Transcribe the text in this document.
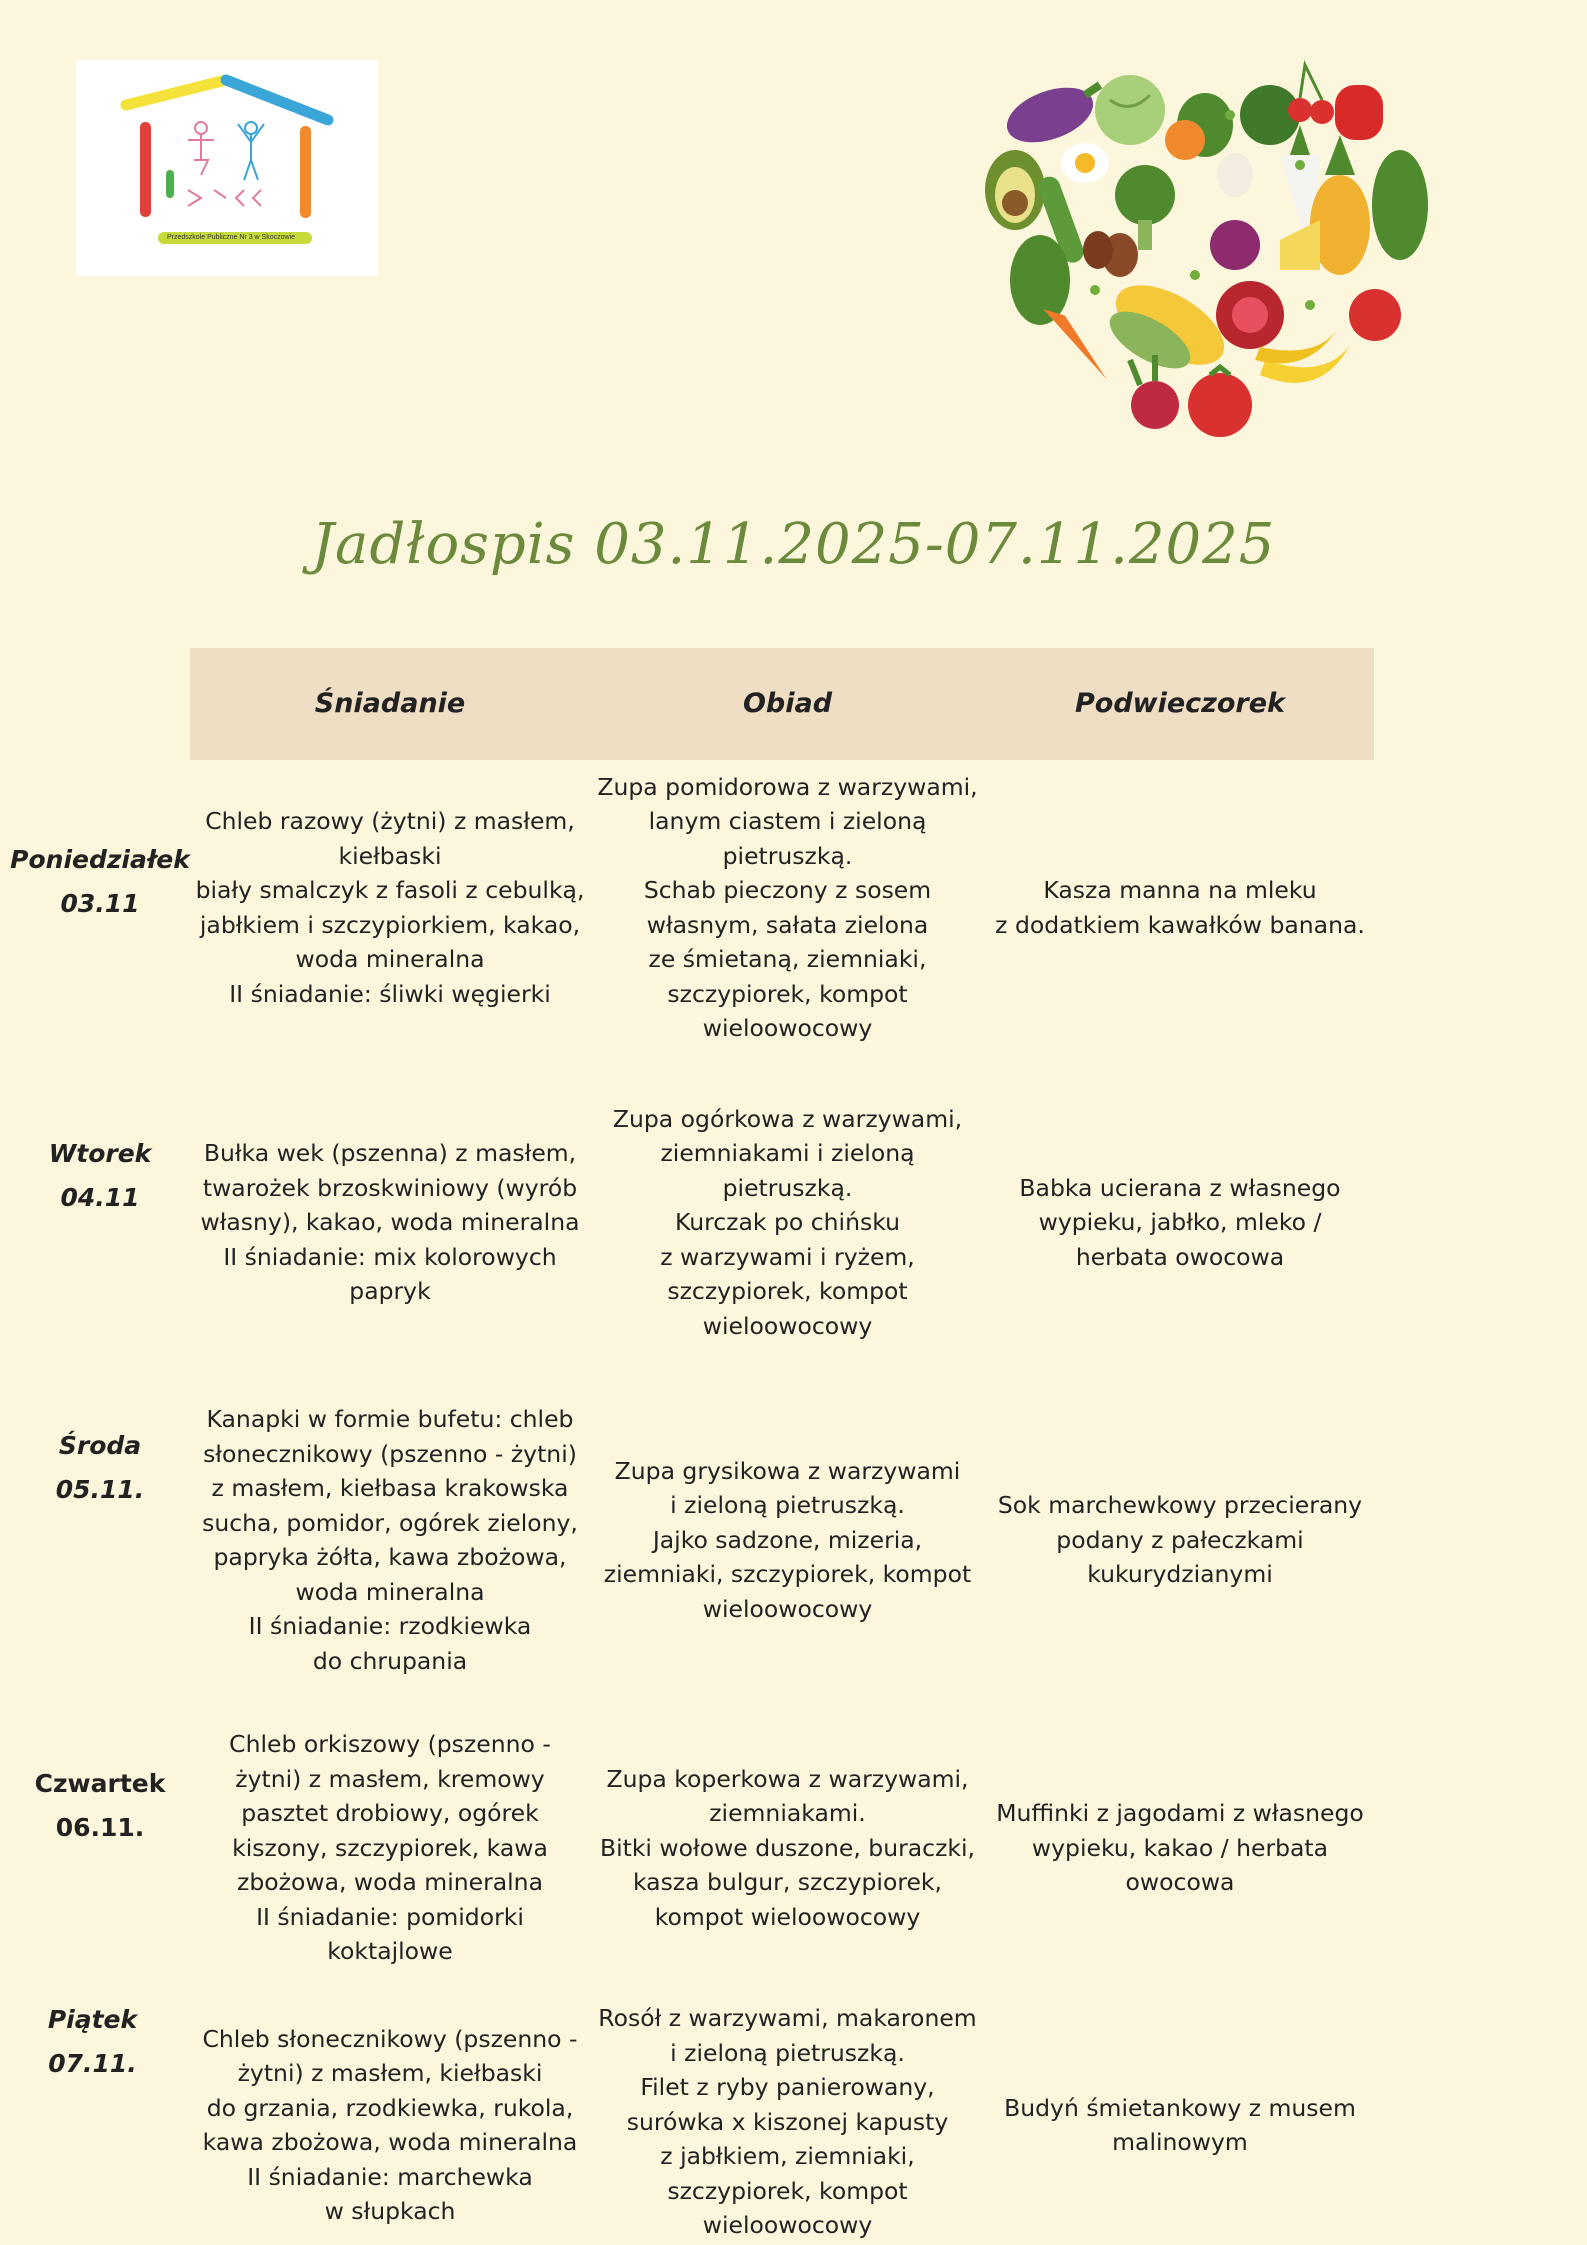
Przedszkole Publiczne Nr 3 w Skoczowie
Jadłospis 03.11.2025-07.11.2025
Śniadanie	Obiad	Podwieczorek
Poniedziałek
03.11
Chleb razowy (żytni) z masłem,
kiełbaski
biały smalczyk z fasoli z cebulką,
jabłkiem i szczypiorkiem, kakao,
woda mineralna
II śniadanie: śliwki węgierki
Zupa pomidorowa z warzywami,
lanym ciastem i zieloną
pietruszką.
Schab pieczony z sosem
własnym, sałata zielona
ze śmietaną, ziemniaki,
szczypiorek, kompot
wieloowocowy
Kasza manna na mleku
z dodatkiem kawałków banana.
Wtorek
04.11
Bułka wek (pszenna) z masłem,
twarożek brzoskwiniowy (wyrób
własny), kakao, woda mineralna
II śniadanie: mix kolorowych
papryk
Zupa ogórkowa z warzywami,
ziemniakami i zieloną
pietruszką.
Kurczak po chińsku
z warzywami i ryżem,
szczypiorek, kompot
wieloowocowy
Babka ucierana z własnego
wypieku, jabłko, mleko /
herbata owocowa
Środa
05.11.
Kanapki w formie bufetu: chleb
słonecznikowy (pszenno - żytni)
z masłem, kiełbasa krakowska
sucha, pomidor, ogórek zielony,
papryka żółta, kawa zbożowa,
woda mineralna
II śniadanie: rzodkiewka
do chrupania
Zupa grysikowa z warzywami
i zieloną pietruszką.
Jajko sadzone, mizeria,
ziemniaki, szczypiorek, kompot
wieloowocowy
Sok marchewkowy przecierany
podany z pałeczkami
kukurydzianymi
Czwartek
06.11.
Chleb orkiszowy (pszenno -
żytni) z masłem, kremowy
pasztet drobiowy, ogórek
kiszony, szczypiorek, kawa
zbożowa, woda mineralna
II śniadanie: pomidorki
koktajlowe
Zupa koperkowa z warzywami,
ziemniakami.
Bitki wołowe duszone, buraczki,
kasza bulgur, szczypiorek,
kompot wieloowocowy
Muffinki z jagodami z własnego
wypieku, kakao / herbata
owocowa
Piątek
07.11.
Chleb słonecznikowy (pszenno -
żytni) z masłem, kiełbaski
do grzania, rzodkiewka, rukola,
kawa zbożowa, woda mineralna
II śniadanie: marchewka
w słupkach
Rosół z warzywami, makaronem
i zieloną pietruszką.
Filet z ryby panierowany,
surówka x kiszonej kapusty
z jabłkiem, ziemniaki,
szczypiorek, kompot
wieloowocowy
Budyń śmietankowy z musem
malinowym
